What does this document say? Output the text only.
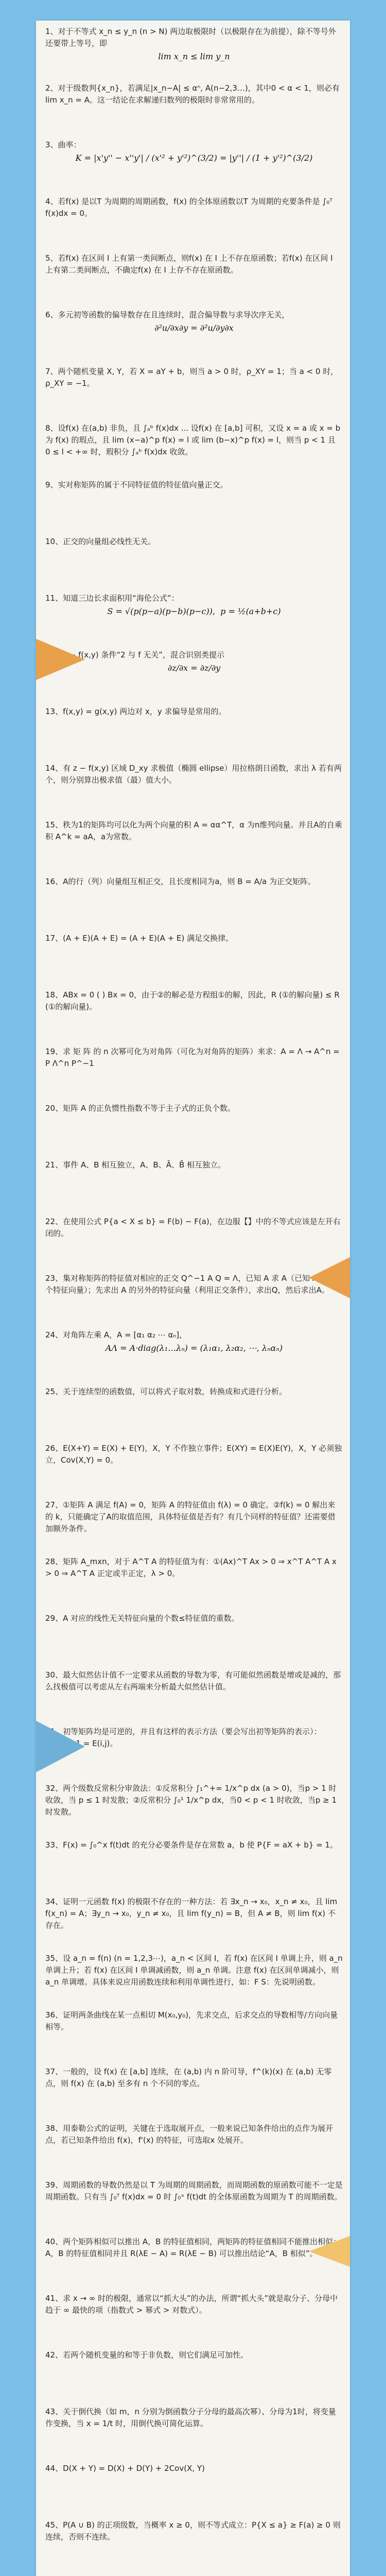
1、对于不等式 x_n ≤ y_n (n > N) 两边取极限时（以极限存在为前提），除不等号外还要带上等号，即
lim x_n ≤ lim y_n
2、对于级数判{x_n}，若满足|x_n−A| ≤ αⁿ, A(n−2,3…)，其中0 < α < 1，则必有 lim x_n = A。这一结论在求解递归数列的极限时非常常用的。
3、曲率：
K = |x'y'' − x''y'| / (x'² + y'²)^(3/2) = |y''| / (1 + y'²)^(3/2)
4、若f(x) 是以T 为周期的周期函数，f(x) 的全体原函数以T 为周期的充要条件是 ∫₀ᵀ f(x)dx = 0。
5、若f(x) 在区间 I 上有第一类间断点，则f(x) 在 I 上不存在原函数；若f(x) 在区间 I 上有第二类间断点，不确定f(x) 在 I 上存不存在原函数。
6、多元初等函数的偏导数存在且连续时，混合偏导数与求导次序无关，
∂²u/∂x∂y = ∂²u/∂y∂x
7、两个随机变量 X, Y，若 X = aY + b，则当 a > 0 时，ρ_XY = 1；当 a < 0 时，ρ_XY = −1。
8、设f(x) 在(a,b) 非负，且 ∫ₐᵇ f(x)dx ... 设f(x) 在 [a,b] 可积，又设 x = a 或 x = b 为 f(x) 的瑕点，且 lim (x−a)^p f(x) = l 或 lim (b−x)^p f(x) = l，则当 p < 1 且 0 ≤ l < +∞ 时，瑕积分 ∫ₐᵇ f(x)dx 收敛。
9、实对称矩阵的属于不同特征值的特征值向量正交。
10、正交的向量组必线性无关。
11、知道三边长求面积用“海伦公式”：
S = √(p(p−a)(p−b)(p−c)),  p = ½(a+b+c)
12、z − f(x,y) 条件“2 与 f 无关”，混合识别类提示
∂z/∂x = ∂z/∂y
13、f(x,y) = g(x,y) 两边对 x，y 求偏导是常用的。
14、有 z − f(x,y) 区域 D_xy 求极值（椭圆 ellipse）用拉格朗日函数，求出 λ 若有两个，则分别算出极求值（最）值大小。
15、秩为1的矩阵均可以化为两个向量的积 A = αα^T，α 为n维列向量。并且A的自乘积 A^k = aA，a为常数。
16、A的行（列）向量组互相正交，且长度相同为a，则 B = A/a 为正交矩阵。
17、(A + E)(A + E) = (A + E)(A + E) 满足交换律。
18、ABx = 0 ( ) Bx = 0，由于②的解必是方程组①的解，因此，R (①的解向量) ≤ R (①的解向量)。
19、求 矩 阵 的 n 次幂可化为对角阵（可化为对角阵的矩阵）来求：A = Λ → A^n = P Λ^n P^−1
20、矩阵 A 的正负惯性指数不等于主子式的正负个数。
21、事件 A、B 相互独立，A、B、Ā、B̄ 相互独立。
22、在使用公式 P{a < X ≤ b} = F(b) − F(a)，在边服【】中的不等式应该是左开右闭的。
23、集对称矩阵的特征值对相应的正交 Q^−1 A Q = Λ，已知 A 求 A（已知 A 的一个特征向量）；先求出 A 的另外的特征向量（利用正交条件），求出Q，然后求出A。
24、对角阵左乘 A，A = [α₁ α₂ ⋯ αₙ]，
AΛ = A·diag(λ₁…λₙ) = (λ₁α₁, λ₂α₂, ⋯, λₙαₙ)
25、关于连续型的函数值，可以将式子取对数，转换成和式进行分析。
26、E(X+Y) = E(X) + E(Y)，X，Y 不作独立事件；E(XY) = E(X)E(Y)，X，Y 必须独立，Cov(X,Y) = 0。
27、①矩阵 A 满足 f(A) = 0，矩阵 A 的特征值由 f(λ) = 0 确定。②f(k) = 0 解出来的 k，只能确定了A的取值范围，具体特征值是否有？有几个同样的特征值？还需要借加额外条件。
28、矩阵 A_mxn，对于 A^T A 的特征值为有：①(Ax)^T Ax > 0 ⇒ x^T A^T A x > 0 ⇒ A^T A 正定或半正定，λ > 0。
29、A 对应的线性无关特征向量的个数≤特征值的重数。
30、最大似然估计值不一定要求从函数的导数为零，有可能似然函数是增或是减的，那么找极值可以考虑从左右两端来分析最大似然估计值。
31、初等矩阵均是可逆的，并且有这样的表示方法（要会写出初等矩阵的表示）：E(i,j)^−1 = E(i,j)。
32、两个级数反常积分审敛法：①反常积分 ∫₁^+∞ 1/x^p dx (a > 0)，当p > 1 时收敛，当 p ≤ 1 时发散；②反常积分 ∫₀¹ 1/x^p dx，当0 < p < 1 时收敛，当p ≥ 1 时发散。
33、F(x) = ∫₀^x f(t)dt 的充分必要条件是存在常数 a，b 使 P{F = aX + b} = 1。
34、证明一元函数 f(x) 的极限不存在的一种方法：若 ∃x_n → x₀，x_n ≠ x₀，且 lim f(x_n) = A；∃y_n → x₀，y_n ≠ x₀，且 lim f(y_n) = B，但 A ≠ B，则 lim f(x) 不存在。
35、设 a_n = f(n) (n = 1,2,3⋯)，a_n < 区间 I，若 f(x) 在区间 I 单调上升，则 a_n 单调上升；若 f(x) 在区间 I 单调减函数，则 a_n 单调。注意 f(x) 在区间单调减小，则 a_n 单调增。具体来说应用函数连续和利用单调性进行，如：F S：先说明函数。
36、证明两条曲线在某一点相切 M(x₀,y₀)，先求交点，后求交点的导数相等/方向向量相等。
37、一般的，设 f(x) 在 [a,b] 连续，在 (a,b) 内 n 阶可导，f^(k)(x) 在 (a,b) 无零点，则 f(x) 在 (a,b) 至多有 n 个不同的零点。
38、用泰勒公式的证明，关键在于选取展开点，一般来说已知条件给出的点作为展开点，若已知条件给出 f(x)，f'(x) 的特征，可选取x 处展开。
39、周期函数的导数仍然是以 T 为周期的周期函数，而周期函数的原函数可能不一定是周期函数。只有当 ∫₀ᵀ f(x)dx = 0 时 ∫₀ˣ f(t)dt 的全体原函数为周期为 T 的周期函数。
40、两个矩阵相似可以推出 A，B 的特征值相同，两矩阵的特征值相同不能推出相似：A，B 的特征值相同并且 R(λE − A) = R(λE − B) 可以推出结论“A，B 相似”。
41、求 x → ∞ 时的极限，通常以“抓大头”的办法，所谓“抓大头”就是取分子、分母中趋于 ∞ 最快的项（指数式 > 幂式 > 对数式）。
42、若两个随机变量的和等于非负数，则它们满足可加性。
43、关于倒代换（如 m，n 分别为倒函数分子分母的最高次幂）、分母为1时，将变量作变换，当 x = 1/t 时，用倒代换可简化运算。
44、D(X + Y) = D(X) + D(Y) + 2Cov(X, Y)
45、P(A ∪ B) 的正项级数，当概率 x ≥ 0，则不等式成立：P{X ≤ a} ≥ F(a) ≥ 0 则连续，否则不连续。
